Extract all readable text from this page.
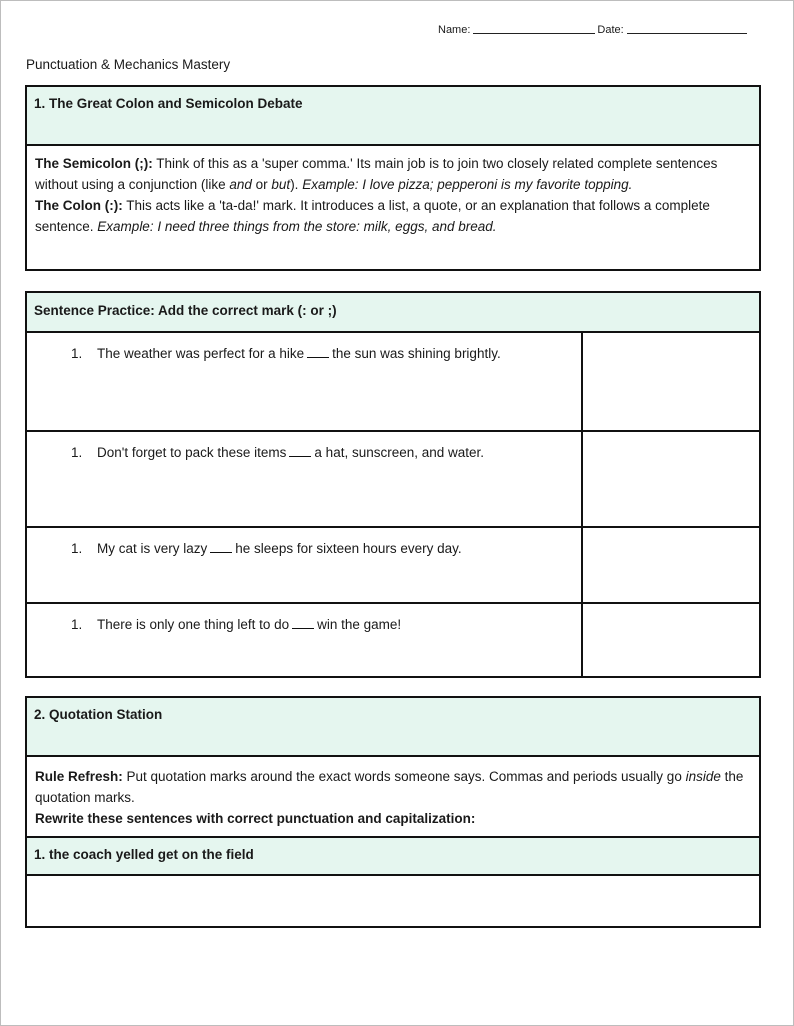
Name:	Date:
Punctuation & Mechanics Mastery
1. The Great Colon and Semicolon Debate

The Semicolon (;): Think of this as a 'super comma.' Its main job is to join two closely related complete sentences without using a conjunction (like and or but). Example: I love pizza; pepperoni is my favorite topping.

The Colon (:): This acts like a 'ta-da!' mark. It introduces a list, a quote, or an explanation that follows a complete sentence. Example: I need three things from the store: milk, eggs, and bread.

Sentence Practice: Add the correct mark (: or ;)
1.	The weather was perfect for a hike the sun was shining brightly.
1.	Don't forget to pack these items a hat, sunscreen, and water.
1.	My cat is very lazy he sleeps for sixteen hours every day.
1.	There is only one thing left to do win the game!
2. Quotation Station

Rule Refresh: Put quotation marks around the exact words someone says. Commas and periods usually go inside the quotation marks.

Rewrite these sentences with correct punctuation and capitalization:

1. the coach yelled get on the field
